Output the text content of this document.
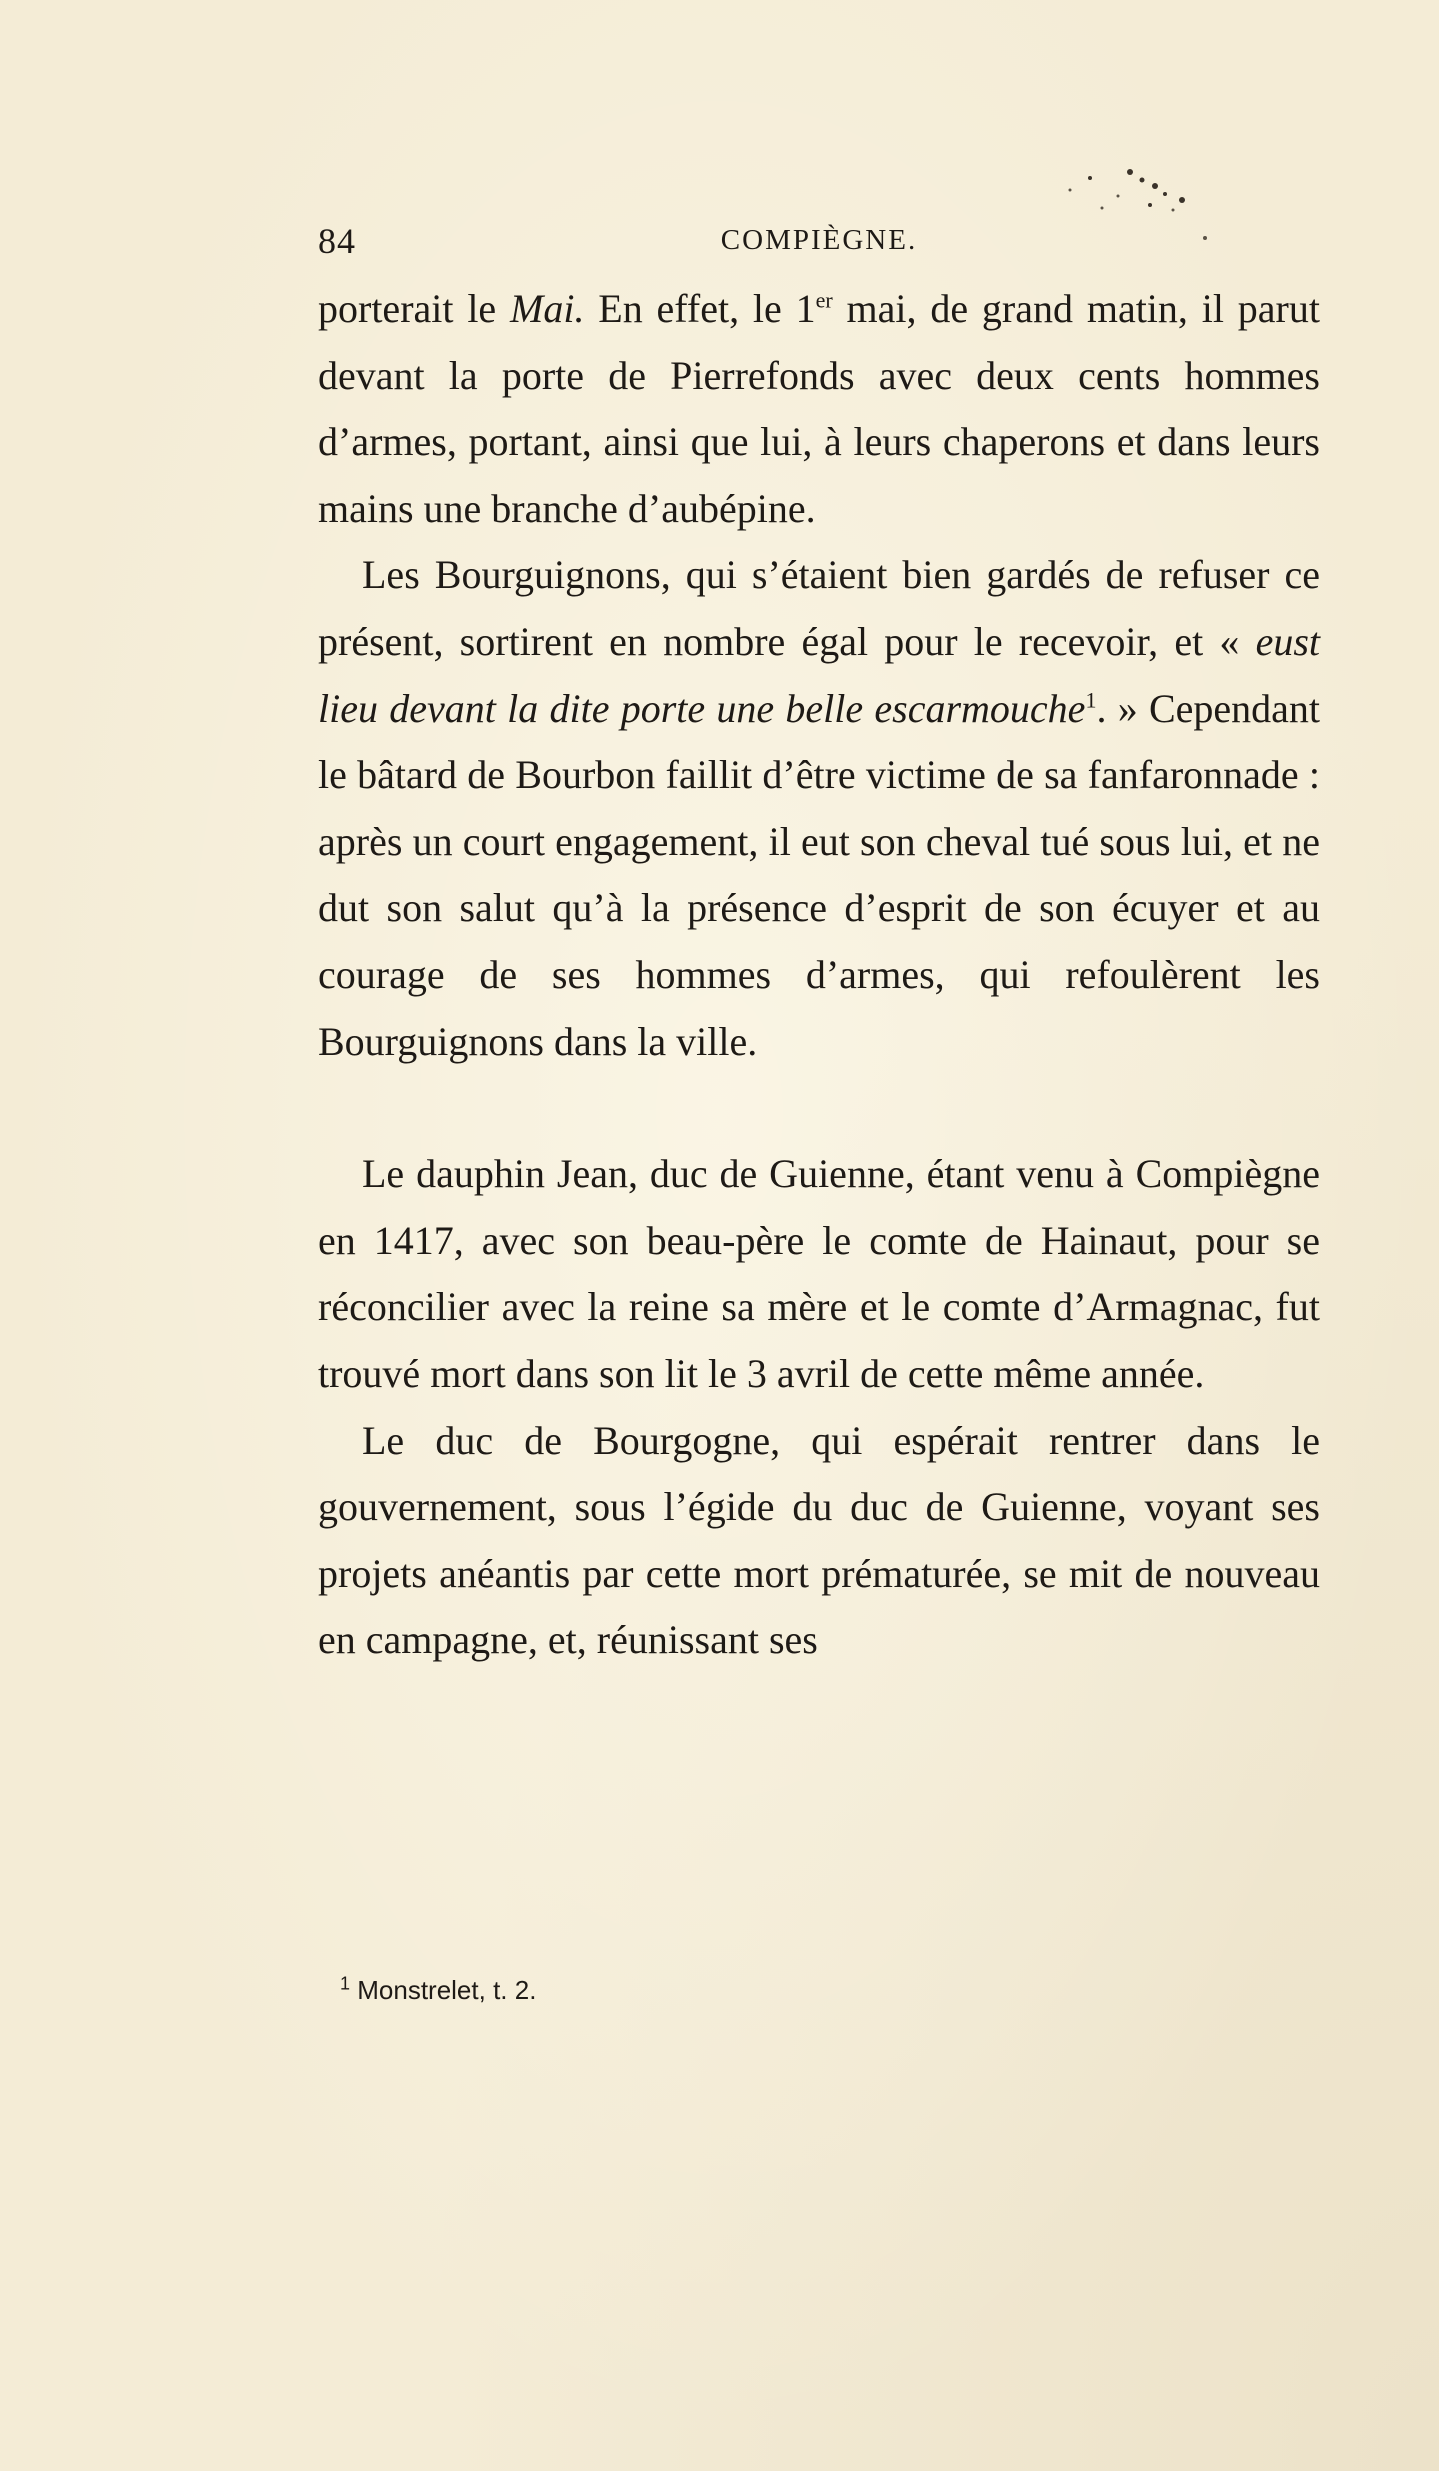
84	COMPIÈGNE.

porterait le Mai. En effet, le 1er mai, de grand matin, il parut devant la porte de Pierrefonds avec deux cents hommes d’armes, portant, ainsi que lui, à leurs chaperons et dans leurs mains une branche d’aubépine.

Les Bourguignons, qui s’étaient bien gardés de refuser ce présent, sortirent en nombre égal pour le recevoir, et « eust lieu devant la dite porte une belle escarmouche$^1$. » Cependant le bâtard de Bourbon faillit d’être victime de sa fanfaronnade : après un court engagement, il eut son cheval tué sous lui, et ne dut son salut qu’à la présence d’esprit de son écuyer et au courage de ses hommes d’armes, qui refoulèrent les Bourguignons dans la ville.

Le dauphin Jean, duc de Guienne, étant venu à Compiègne en 1417, avec son beau-père le comte de Hainaut, pour se réconcilier avec la reine sa mère et le comte d’Armagnac, fut trouvé mort dans son lit le 3 avril de cette même année.

Le duc de Bourgogne, qui espérait rentrer dans le gouvernement, sous l’égide du duc de Guienne, voyant ses projets anéantis par cette mort prématurée, se mit de nouveau en campagne, et, réunissant ses

$^1$ Monstrelet, t. 2.
